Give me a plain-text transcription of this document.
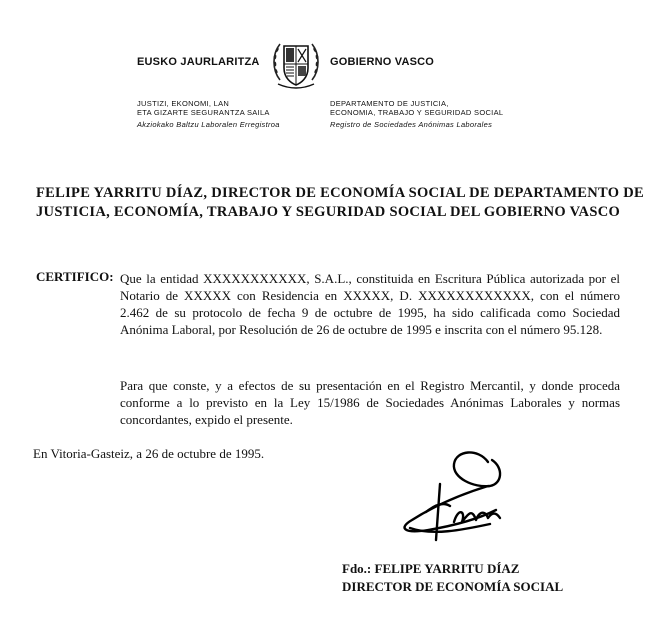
EUSKO JAURLARITZA	GOBIERNO VASCO
JUSTIZI, EKONOMI, LAN
ETA GIZARTE SEGURANTZA SAILA
Akziokako Baltzu Laboralen Erregistroa
DEPARTAMENTO DE JUSTICIA,
ECONOMIA, TRABAJO Y SEGURIDAD SOCIAL
Registro de Sociedades Anónimas Laborales
FELIPE YARRITU DÍAZ, DIRECTOR DE ECONOMÍA SOCIAL DE DEPARTAMENTO DE
JUSTICIA, ECONOMÍA, TRABAJO Y SEGURIDAD SOCIAL DEL GOBIERNO VASCO
CERTIFICO: Que la entidad XXXXXXXXXXX, S.A.L., constituida en Escritura Pública autorizada por el Notario de XXXXX con Residencia en XXXXX, D. XXXXXXXXXXXX, con el número 2.462 de su protocolo de fecha 9 de octubre de 1995, ha sido calificada como Sociedad Anónima Laboral, por Resolución de 26 de octubre de 1995 e inscrita con el número 95.128.
Para que conste, y a efectos de su presentación en el Registro Mercantil, y donde proceda conforme a lo previsto en la Ley 15/1986 de Sociedades Anónimas Laborales y normas concordantes, expido el presente.
En Vitoria-Gasteiz, a 26 de octubre de 1995.
Fdo.: FELIPE YARRITU DÍAZ
DIRECTOR DE ECONOMÍA SOCIAL
